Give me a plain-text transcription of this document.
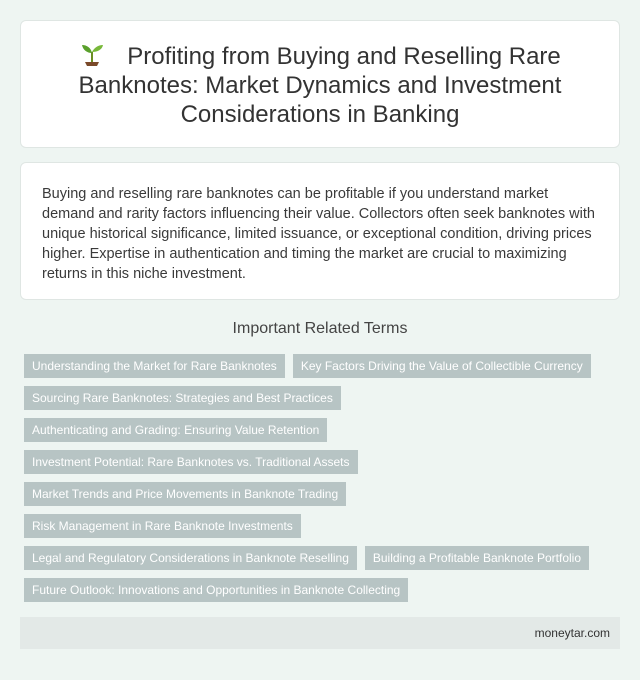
Profiting from Buying and Reselling Rare Banknotes: Market Dynamics and Investment Considerations in Banking
Buying and reselling rare banknotes can be profitable if you understand market demand and rarity factors influencing their value. Collectors often seek banknotes with unique historical significance, limited issuance, or exceptional condition, driving prices higher. Expertise in authentication and timing the market are crucial to maximizing returns in this niche investment.
Important Related Terms
Understanding the Market for Rare Banknotes	Key Factors Driving the Value of Collectible Currency
Sourcing Rare Banknotes: Strategies and Best Practices
Authenticating and Grading: Ensuring Value Retention
Investment Potential: Rare Banknotes vs. Traditional Assets
Market Trends and Price Movements in Banknote Trading
Risk Management in Rare Banknote Investments
Legal and Regulatory Considerations in Banknote Reselling	Building a Profitable Banknote Portfolio
Future Outlook: Innovations and Opportunities in Banknote Collecting
moneytar.com
